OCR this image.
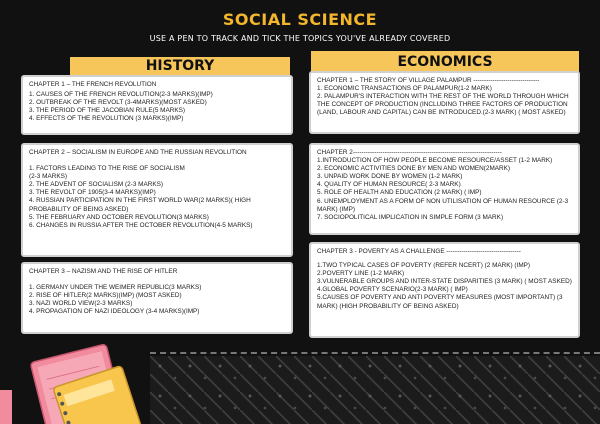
SOCIAL SCIENCE
USE A PEN TO TRACK AND TICK THE TOPICS YOU'VE ALREADY COVERED
HISTORY
CHAPTER 1 – THE FRENCH REVOLUTION
1. CAUSES OF THE FRENCH REVOLUTION(2-3 MARKS)(IMP)
2. OUTBREAK OF THE REVOLT (3-4MARKS)(MOST ASKED)
3. THE PERIOD OF THE JACOBIAN RULE(5 MARKS)
4. EFFECTS OF THE REVOLUTION (3 MARKS)(IMP)
CHAPTER 2 – SOCIALISM IN EUROPE AND THE RUSSIAN REVOLUTION
1. FACTORS LEADING TO THE RISE OF SOCIALISM
(2-3 MARKS)
2. THE ADVENT OF SOCIALISM (2-3 MARKS)
3. THE REVOLT OF 1905(3-4 MARKS)(IMP)
4. RUSSIAN PARTICIPATION IN THE FIRST WORLD WAR(2 MARKS)( HIGH PROBABILITY OF BEING ASKED)
5. THE FEBRUARY AND OCTOBER REVOLUTION(3 MARKS)
6. CHANGES IN RUSSIA AFTER THE OCTOBER REVOLUTION(4-5 MARKS)
CHAPTER 3 – NAZISM AND THE RISE OF HITLER
1. GERMANY UNDER THE WEIMER REPUBLIC(3 MARKS)
2. RISE OF HITLER(2 MARKS)(IMP) (MOST ASKED)
3. NAZI WORLD VIEW(2-3 MARKS)
4. PROPAGATION OF NAZI IDEOLOGY (3-4 MARKS)(IMP)
ECONOMICS
CHAPTER 1 – THE STORY OF VILLAGE PALAMPUR -------------------------------
1. ECONOMIC TRANSACTIONS OF PALAMPUR(1-2 MARK)
2. PALAMPUR'S INTERACTION WITH THE REST OF THE WORLD THROUGH WHICH THE CONCEPT OF PRODUCTION (INCLUDING THREE FACTORS OF PRODUCTION (LAND, LABOUR AND CAPITAL) CAN BE INTRODUCED.(2-3 MARK) ( MOST ASKED)
CHAPTER 2----------------------------------------------------------------------
1.INTRODUCTION OF HOW PEOPLE BECOME RESOURCE/ASSET (1-2 MARK)
2. ECONOMIC ACTIVITIES DONE BY MEN AND WOMEN(2MARK)
3. UNPAID WORK DONE BY WOMEN (1-2 MARK)
4. QUALITY OF HUMAN RESOURCE( 2-3 MARK)
5. ROLE OF HEALTH AND EDUCATION (2 MARK) ( IMP)
6. UNEMPLOYMENT AS A FORM OF NON UTILISATION OF HUMAN RESOURCE (2-3 MARK) (IMP)
7. SOCIOPOLITICAL IMPLICATION IN SIMPLE FORM (3 MARK)
CHAPTER 3 - POVERTY AS A CHALLENGE -----------------------------------
1.TWO TYPICAL CASES OF POVERTY (REFER NCERT) (2 MARK) (IMP)
2.POVERTY LINE (1-2 MARK)
3.VULNERABLE GROUPS AND INTER-STATE DISPARITIES (3 MARK) ( MOST ASKED)
4.GLOBAL POVERTY SCENARIO(2-3 MARK) ( IMP)
5.CAUSES OF POVERTY AND ANTI POVERTY MEASURES (MOST IMPORTANT) (3 MARK) (HIGH PROBABILITY OF BEING ASKED)
